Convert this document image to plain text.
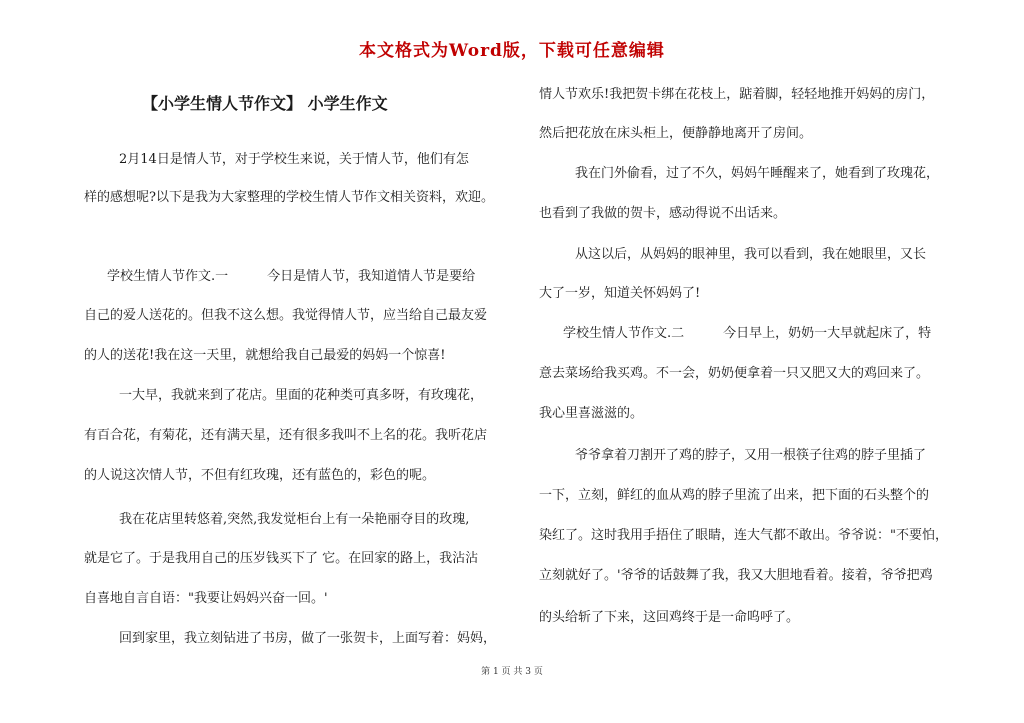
本文格式为Word版，下载可任意编辑
【小学生情人节作文】 小学生作文
2月14日是情人节，对于学校生来说，关于情人节，他们有怎
样的感想呢?以下是我为大家整理的学校生情人节作文相关资料，欢迎。
学校生情人节作文.一　　　今日是情人节，我知道情人节是要给
自己的爱人送花的。但我不这么想。我觉得情人节，应当给自己最友爱
的人的送花!我在这一天里，就想给我自己最爱的妈妈一个惊喜!
一大早，我就来到了花店。里面的花种类可真多呀，有玫瑰花，
有百合花，有菊花，还有满天星，还有很多我叫不上名的花。我听花店
的人说这次情人节，不但有红玫瑰，还有蓝色的，彩色的呢。
我在花店里转悠着,突然,我发觉柜台上有一朵艳丽夺目的玫瑰,
就是它了。于是我用自己的压岁钱买下了 它。在回家的路上，我沾沾
自喜地自言自语："我要让妈妈兴奋一回。'
回到家里，我立刻钻进了书房，做了一张贺卡，上面写着：妈妈，
情人节欢乐!我把贺卡绑在花枝上，踮着脚，轻轻地推开妈妈的房门，
然后把花放在床头柜上，便静静地离开了房间。
我在门外偷看，过了不久，妈妈午睡醒来了，她看到了玫瑰花，
也看到了我做的贺卡，感动得说不出话来。
从这以后，从妈妈的眼神里，我可以看到，我在她眼里，又长
大了一岁，知道关怀妈妈了!
学校生情人节作文.二　　　今日早上，奶奶一大早就起床了，特
意去菜场给我买鸡。不一会，奶奶便拿着一只又肥又大的鸡回来了。
我心里喜滋滋的。
爷爷拿着刀割开了鸡的脖子，又用一根筷子往鸡的脖子里插了
一下，立刻，鲜红的血从鸡的脖子里流了出来，把下面的石头整个的
染红了。这时我用手捂住了眼睛，连大气都不敢出。爷爷说："不要怕，
立刻就好了。'爷爷的话鼓舞了我，我又大胆地看着。接着，爷爷把鸡
的头给斩了下来，这回鸡终于是一命呜呼了。
第 1 页 共 3 页
